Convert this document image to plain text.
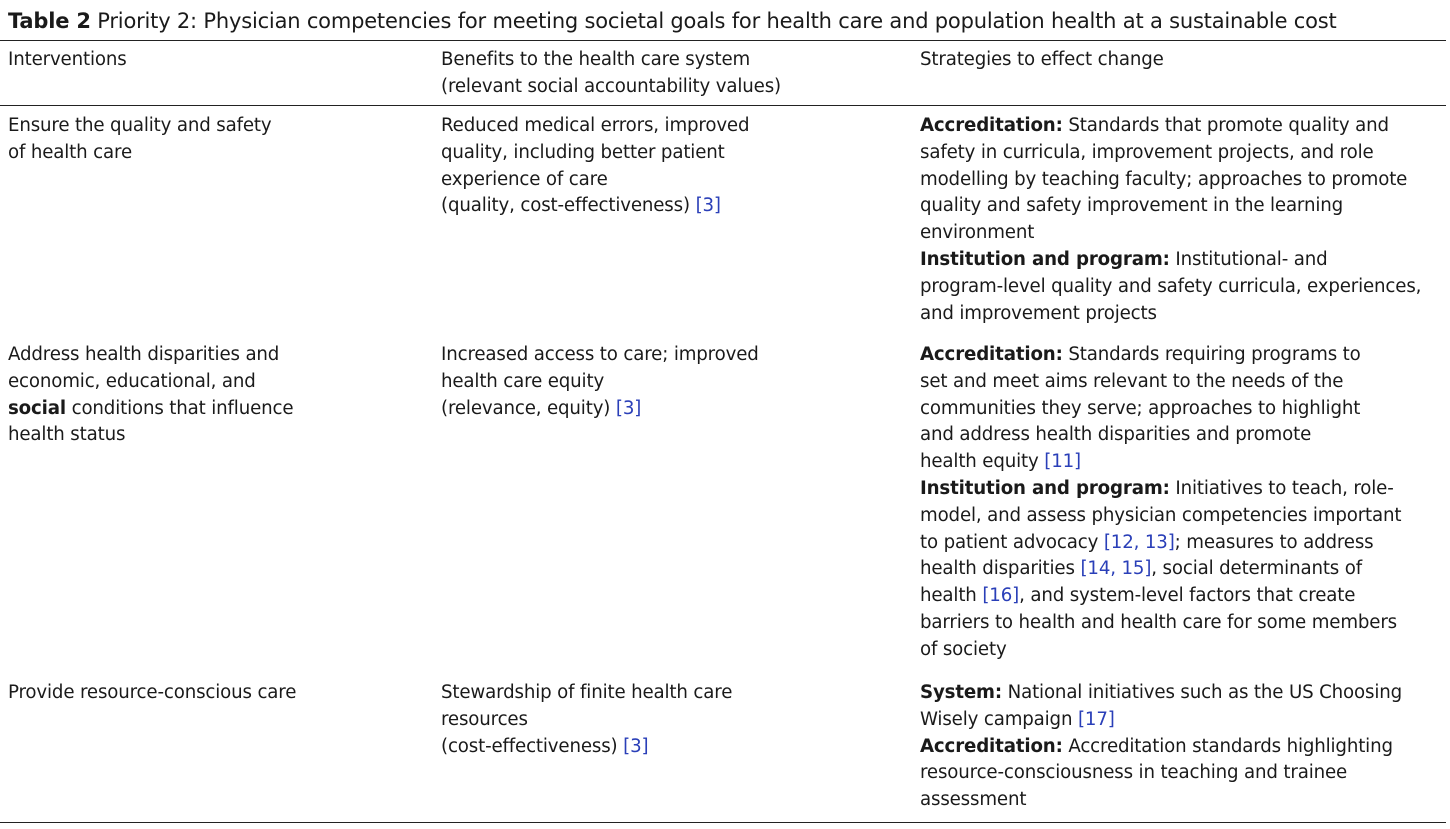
Table 2 Priority 2: Physician competencies for meeting societal goals for health care and population health at a sustainable cost
Interventions	Benefits to the health care system
(relevant social accountability values)
Strategies to effect change
Ensure the quality and safety
of health care
Reduced medical errors, improved
quality, including better patient
experience of care
(quality, cost-effectiveness) [3]
Accreditation: Standards that promote quality and
safety in curricula, improvement projects, and role
modelling by teaching faculty; approaches to promote
quality and safety improvement in the learning
environment
Institution and program: Institutional- and
program-level quality and safety curricula, experiences,
and improvement projects
Address health disparities and
economic, educational, and
social conditions that influence
health status
Increased access to care; improved
health care equity
(relevance, equity) [3]
Accreditation: Standards requiring programs to
set and meet aims relevant to the needs of the
communities they serve; approaches to highlight
and address health disparities and promote
health equity [11]
Institution and program: Initiatives to teach, role-
model, and assess physician competencies important
to patient advocacy [12, 13]; measures to address
health disparities [14, 15], social determinants of
health [16], and system-level factors that create
barriers to health and health care for some members
of society
Provide resource-conscious care	Stewardship of finite health care
resources
(cost-effectiveness) [3]
System: National initiatives such as the US Choosing
Wisely campaign [17]
Accreditation: Accreditation standards highlighting
resource-consciousness in teaching and trainee
assessment
